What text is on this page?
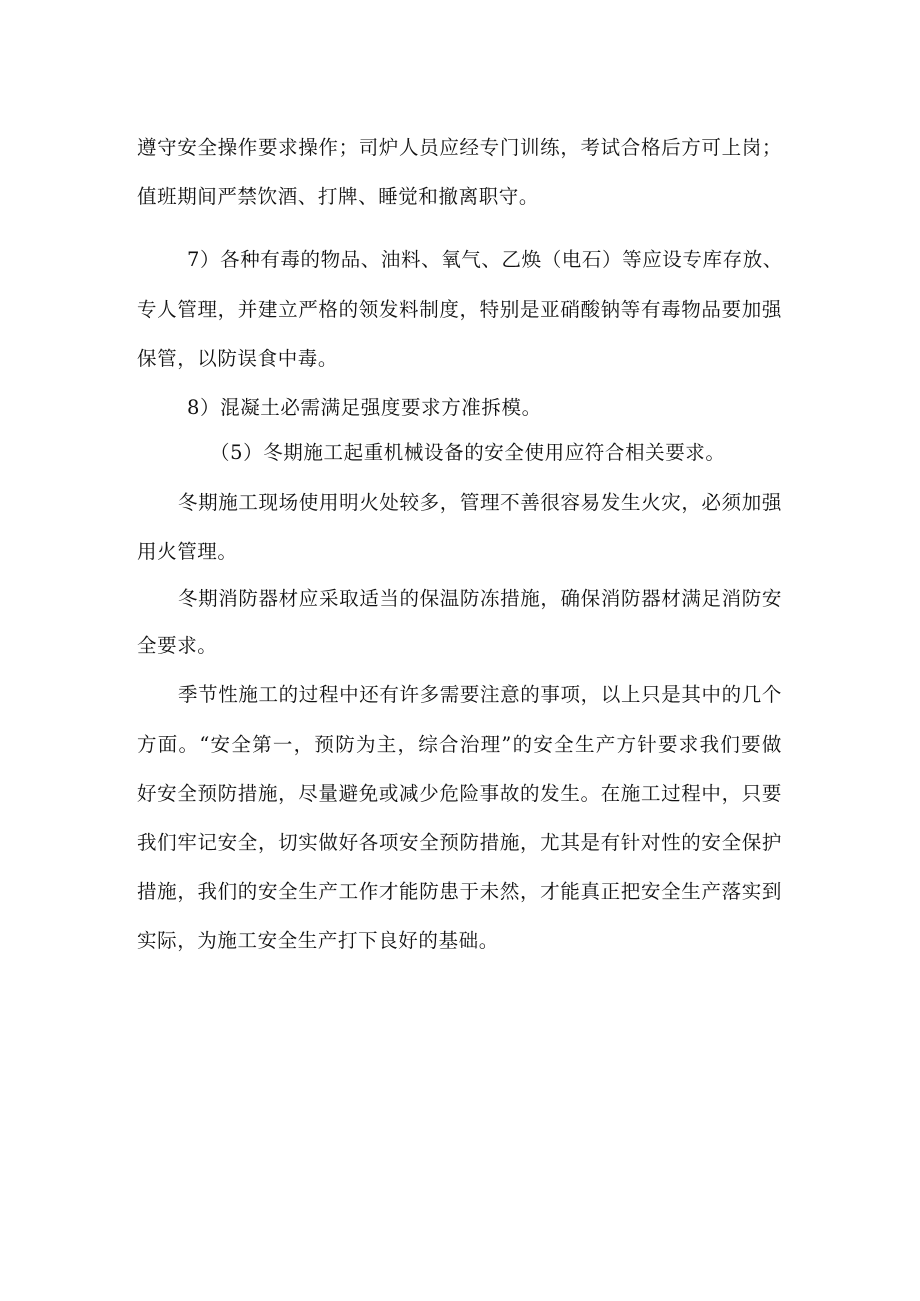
遵守安全操作要求操作；司炉人员应经专门训练，考试合格后方可上岗；
值班期间严禁饮酒、打牌、睡觉和撤离职守。
7）各种有毒的物品、油料、氧气、乙焕（电石）等应设专库存放、
专人管理，并建立严格的领发料制度，特别是亚硝酸钠等有毒物品要加强
保管，以防误食中毒。
8）混凝土必需满足强度要求方准拆模。
（5）冬期施工起重机械设备的安全使用应符合相关要求。
冬期施工现场使用明火处较多，管理不善很容易发生火灾，必须加强
用火管理。
冬期消防器材应采取适当的保温防冻措施，确保消防器材满足消防安
全要求。
季节性施工的过程中还有许多需要注意的事项，以上只是其中的几个
方面。“安全第一，预防为主，综合治理”的安全生产方针要求我们要做
好安全预防措施，尽量避免或减少危险事故的发生。在施工过程中，只要
我们牢记安全，切实做好各项安全预防措施，尤其是有针对性的安全保护
措施，我们的安全生产工作才能防患于未然，才能真正把安全生产落实到
实际，为施工安全生产打下良好的基础。
